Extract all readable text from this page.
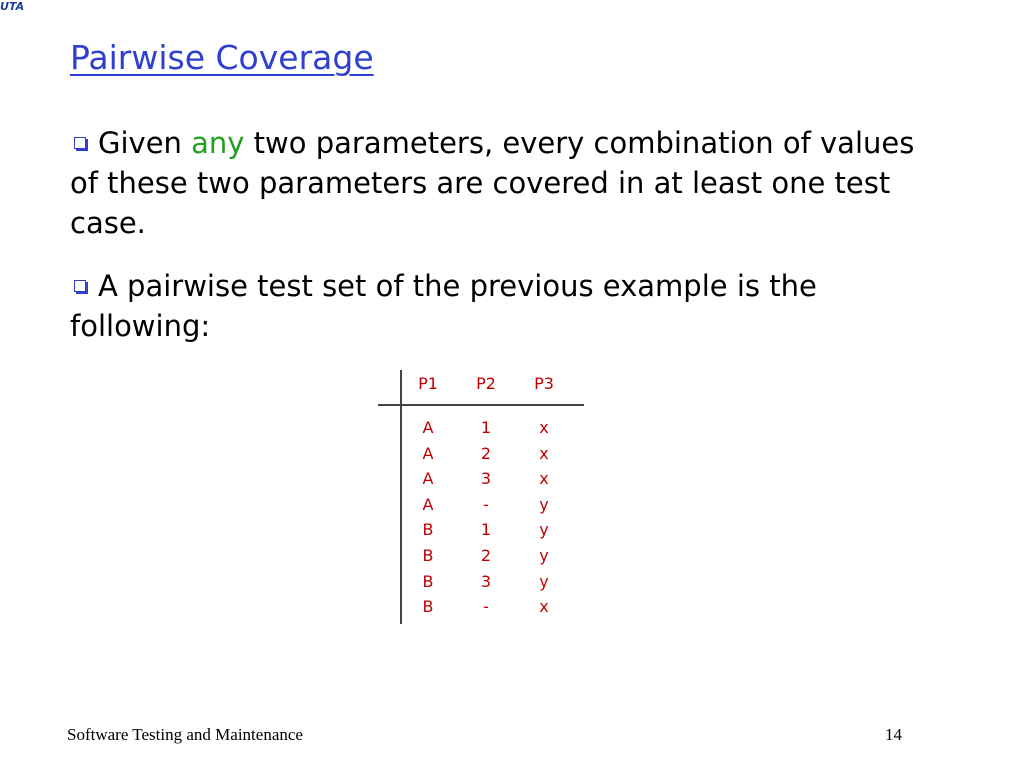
UTA
Pairwise Coverage
Given any two parameters, every combination of values of these two parameters are covered in at least one test case.
A pairwise test set of the previous example is the following:
P1	P2	P3
A	1	x
A	2	x
A	3	x
A	-	y
B	1	y
B	2	y
B	3	y
B	-	x
Software Testing and Maintenance	14
